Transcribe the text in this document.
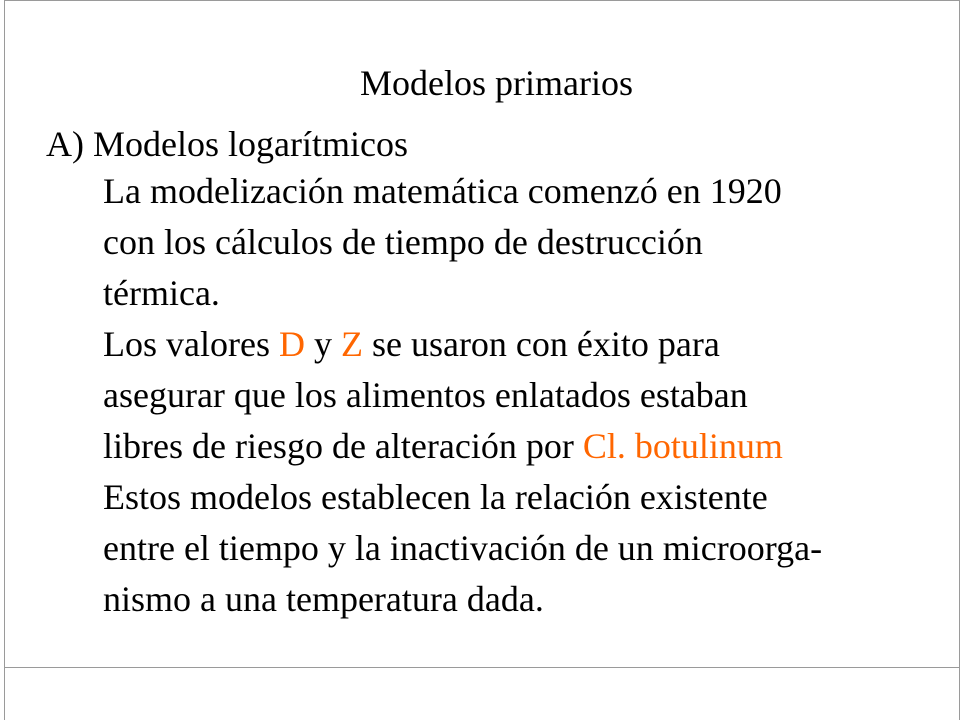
Modelos primarios
A) Modelos logarítmicos
La modelización matemática comenzó en 1920
con los cálculos de tiempo de destrucción
térmica.
Los valores D y Z se usaron con éxito para
asegurar que los alimentos enlatados estaban
libres de riesgo de alteración por Cl. botulinum
Estos modelos establecen la relación existente
entre el tiempo y la inactivación de un microorga-
nismo a una temperatura dada.
